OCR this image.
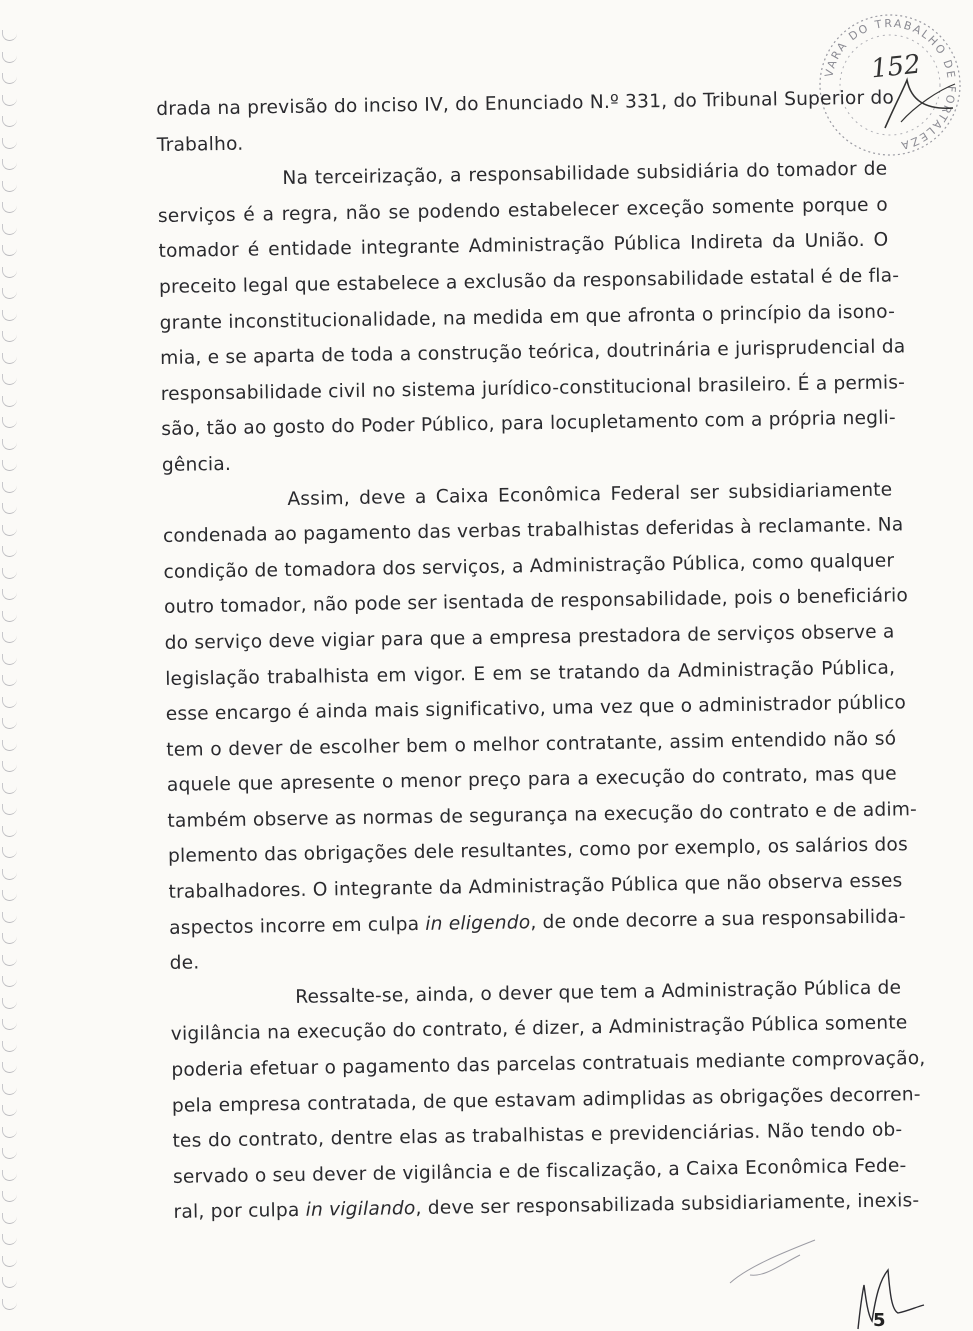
VARA DO TRABALHO DE FORTALEZA
152

drada na previsão do inciso IV, do Enunciado N.º 331, do Tribunal Superior do
Trabalho.

Na terceirização, a responsabilidade subsidiária do tomador de
serviços é a regra, não se podendo estabelecer exceção somente porque o
tomador é entidade integrante Administração Pública Indireta da União. O
preceito legal que estabelece a exclusão da responsabilidade estatal é de fla-
grante inconstitucionalidade, na medida em que afronta o princípio da isono-
mia, e se aparta de toda a construção teórica, doutrinária e jurisprudencial da
responsabilidade civil no sistema jurídico-constitucional brasileiro. É a permis-
são, tão ao gosto do Poder Público, para locupletamento com a própria negli-
gência.

Assim, deve a Caixa Econômica Federal ser subsidiariamente
condenada ao pagamento das verbas trabalhistas deferidas à reclamante. Na
condição de tomadora dos serviços, a Administração Pública, como qualquer
outro tomador, não pode ser isentada de responsabilidade, pois o beneficiário
do serviço deve vigiar para que a empresa prestadora de serviços observe a
legislação trabalhista em vigor. E em se tratando da Administração Pública,
esse encargo é ainda mais significativo, uma vez que o administrador público
tem o dever de escolher bem o melhor contratante, assim entendido não só
aquele que apresente o menor preço para a execução do contrato, mas que
também observe as normas de segurança na execução do contrato e de adim-
plemento das obrigações dele resultantes, como por exemplo, os salários dos
trabalhadores. O integrante da Administração Pública que não observa esses
aspectos incorre em culpa in eligendo, de onde decorre a sua responsabilida-
de.

Ressalte-se, ainda, o dever que tem a Administração Pública de
vigilância na execução do contrato, é dizer, a Administração Pública somente
poderia efetuar o pagamento das parcelas contratuais mediante comprovação,
pela empresa contratada, de que estavam adimplidas as obrigações decorren-
tes do contrato, dentre elas as trabalhistas e previdenciárias. Não tendo ob-
servado o seu dever de vigilância e de fiscalização, a Caixa Econômica Fede-
ral, por culpa in vigilando, deve ser responsabilizada subsidiariamente, inexis-

5
